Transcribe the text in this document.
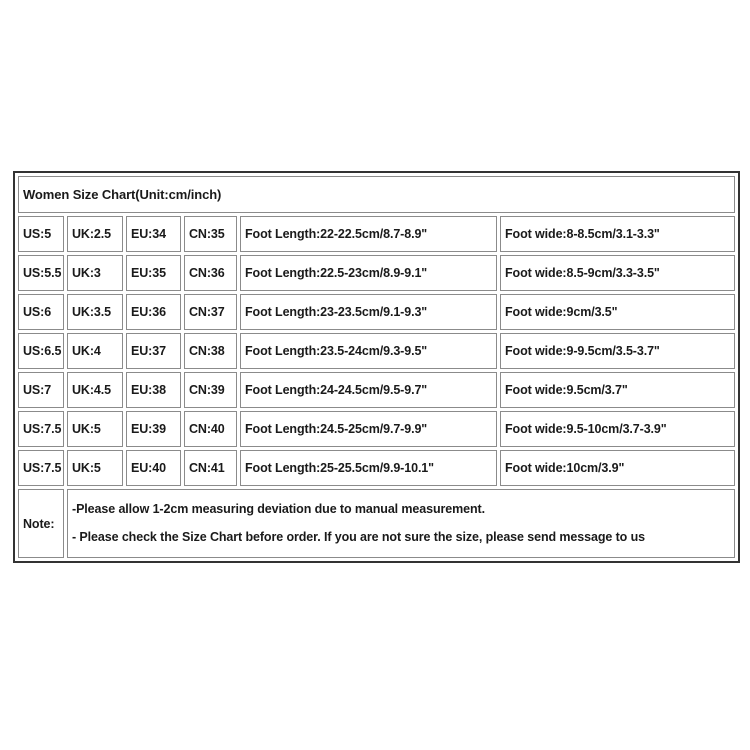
Women Size Chart(Unit:cm/inch)					
US:5	UK:2.5	EU:34	CN:35	Foot Length:22-22.5cm/8.7-8.9"	Foot wide:8-8.5cm/3.1-3.3"
US:5.5	UK:3	EU:35	CN:36	Foot Length:22.5-23cm/8.9-9.1"	Foot wide:8.5-9cm/3.3-3.5"
US:6	UK:3.5	EU:36	CN:37	Foot Length:23-23.5cm/9.1-9.3"	Foot wide:9cm/3.5"
US:6.5	UK:4	EU:37	CN:38	Foot Length:23.5-24cm/9.3-9.5"	Foot wide:9-9.5cm/3.5-3.7"
US:7	UK:4.5	EU:38	CN:39	Foot Length:24-24.5cm/9.5-9.7"	Foot wide:9.5cm/3.7"
US:7.5	UK:5	EU:39	CN:40	Foot Length:24.5-25cm/9.7-9.9"	Foot wide:9.5-10cm/3.7-3.9"
US:7.5	UK:5	EU:40	CN:41	Foot Length:25-25.5cm/9.9-10.1"	Foot wide:10cm/3.9"
Note:	-Please allow 1-2cm measuring deviation due to manual measurement.
- Please check the Size Chart before order. If you are not sure the size, please send message to us				
